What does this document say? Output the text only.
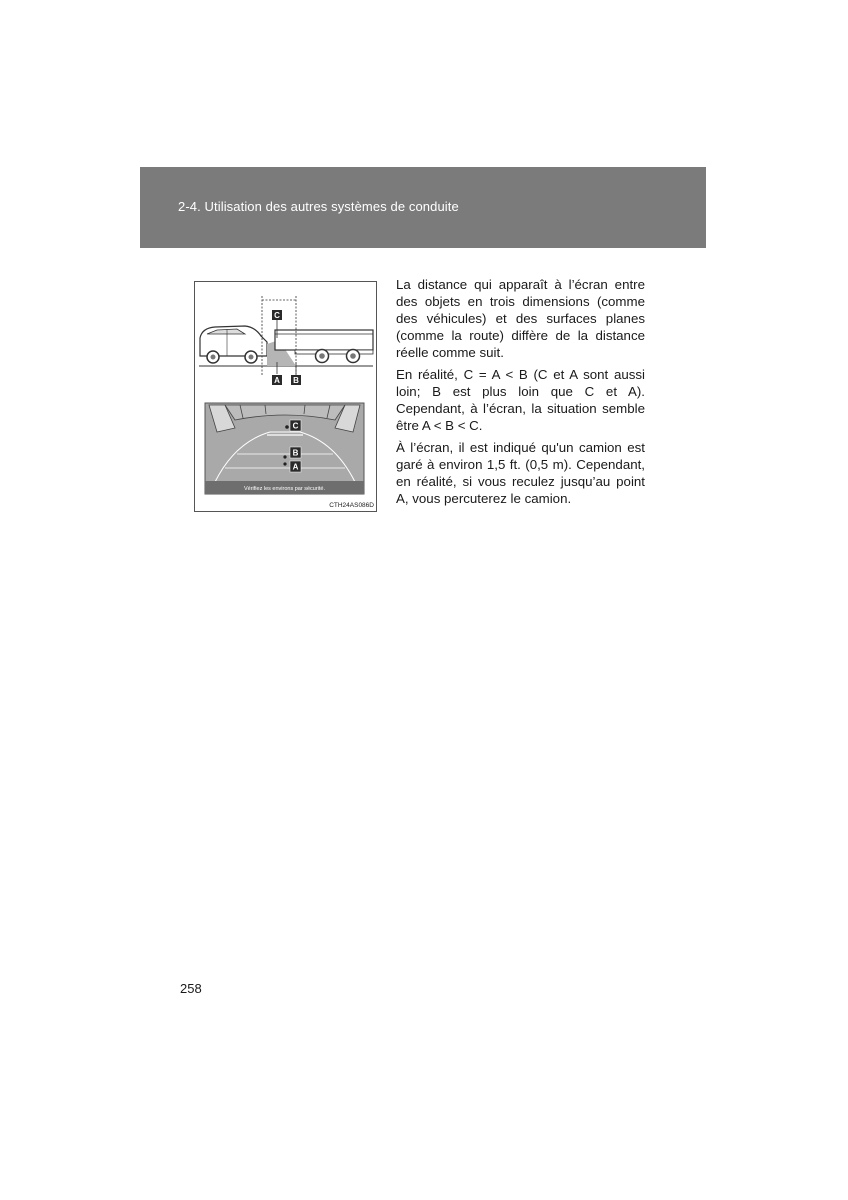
2-4. Utilisation des autres systèmes de conduite
C
A B
C
B
A
Vérifiez les environs par sécurité.
CTH24AS086D

La distance qui apparaît à l’écran entre des objets en trois dimensions (comme des véhicules) et des surfaces planes (comme la route) diffère de la distance réelle comme suit.

En réalité, C = A < B (C et A sont aussi loin; B est plus loin que C et A). Cependant, à l’écran, la situation semble être A < B < C.

À l’écran, il est indiqué qu'un camion est garé à environ 1,5 ft. (0,5 m). Cependant, en réalité, si vous reculez jusqu’au point A, vous percuterez le camion.

258
